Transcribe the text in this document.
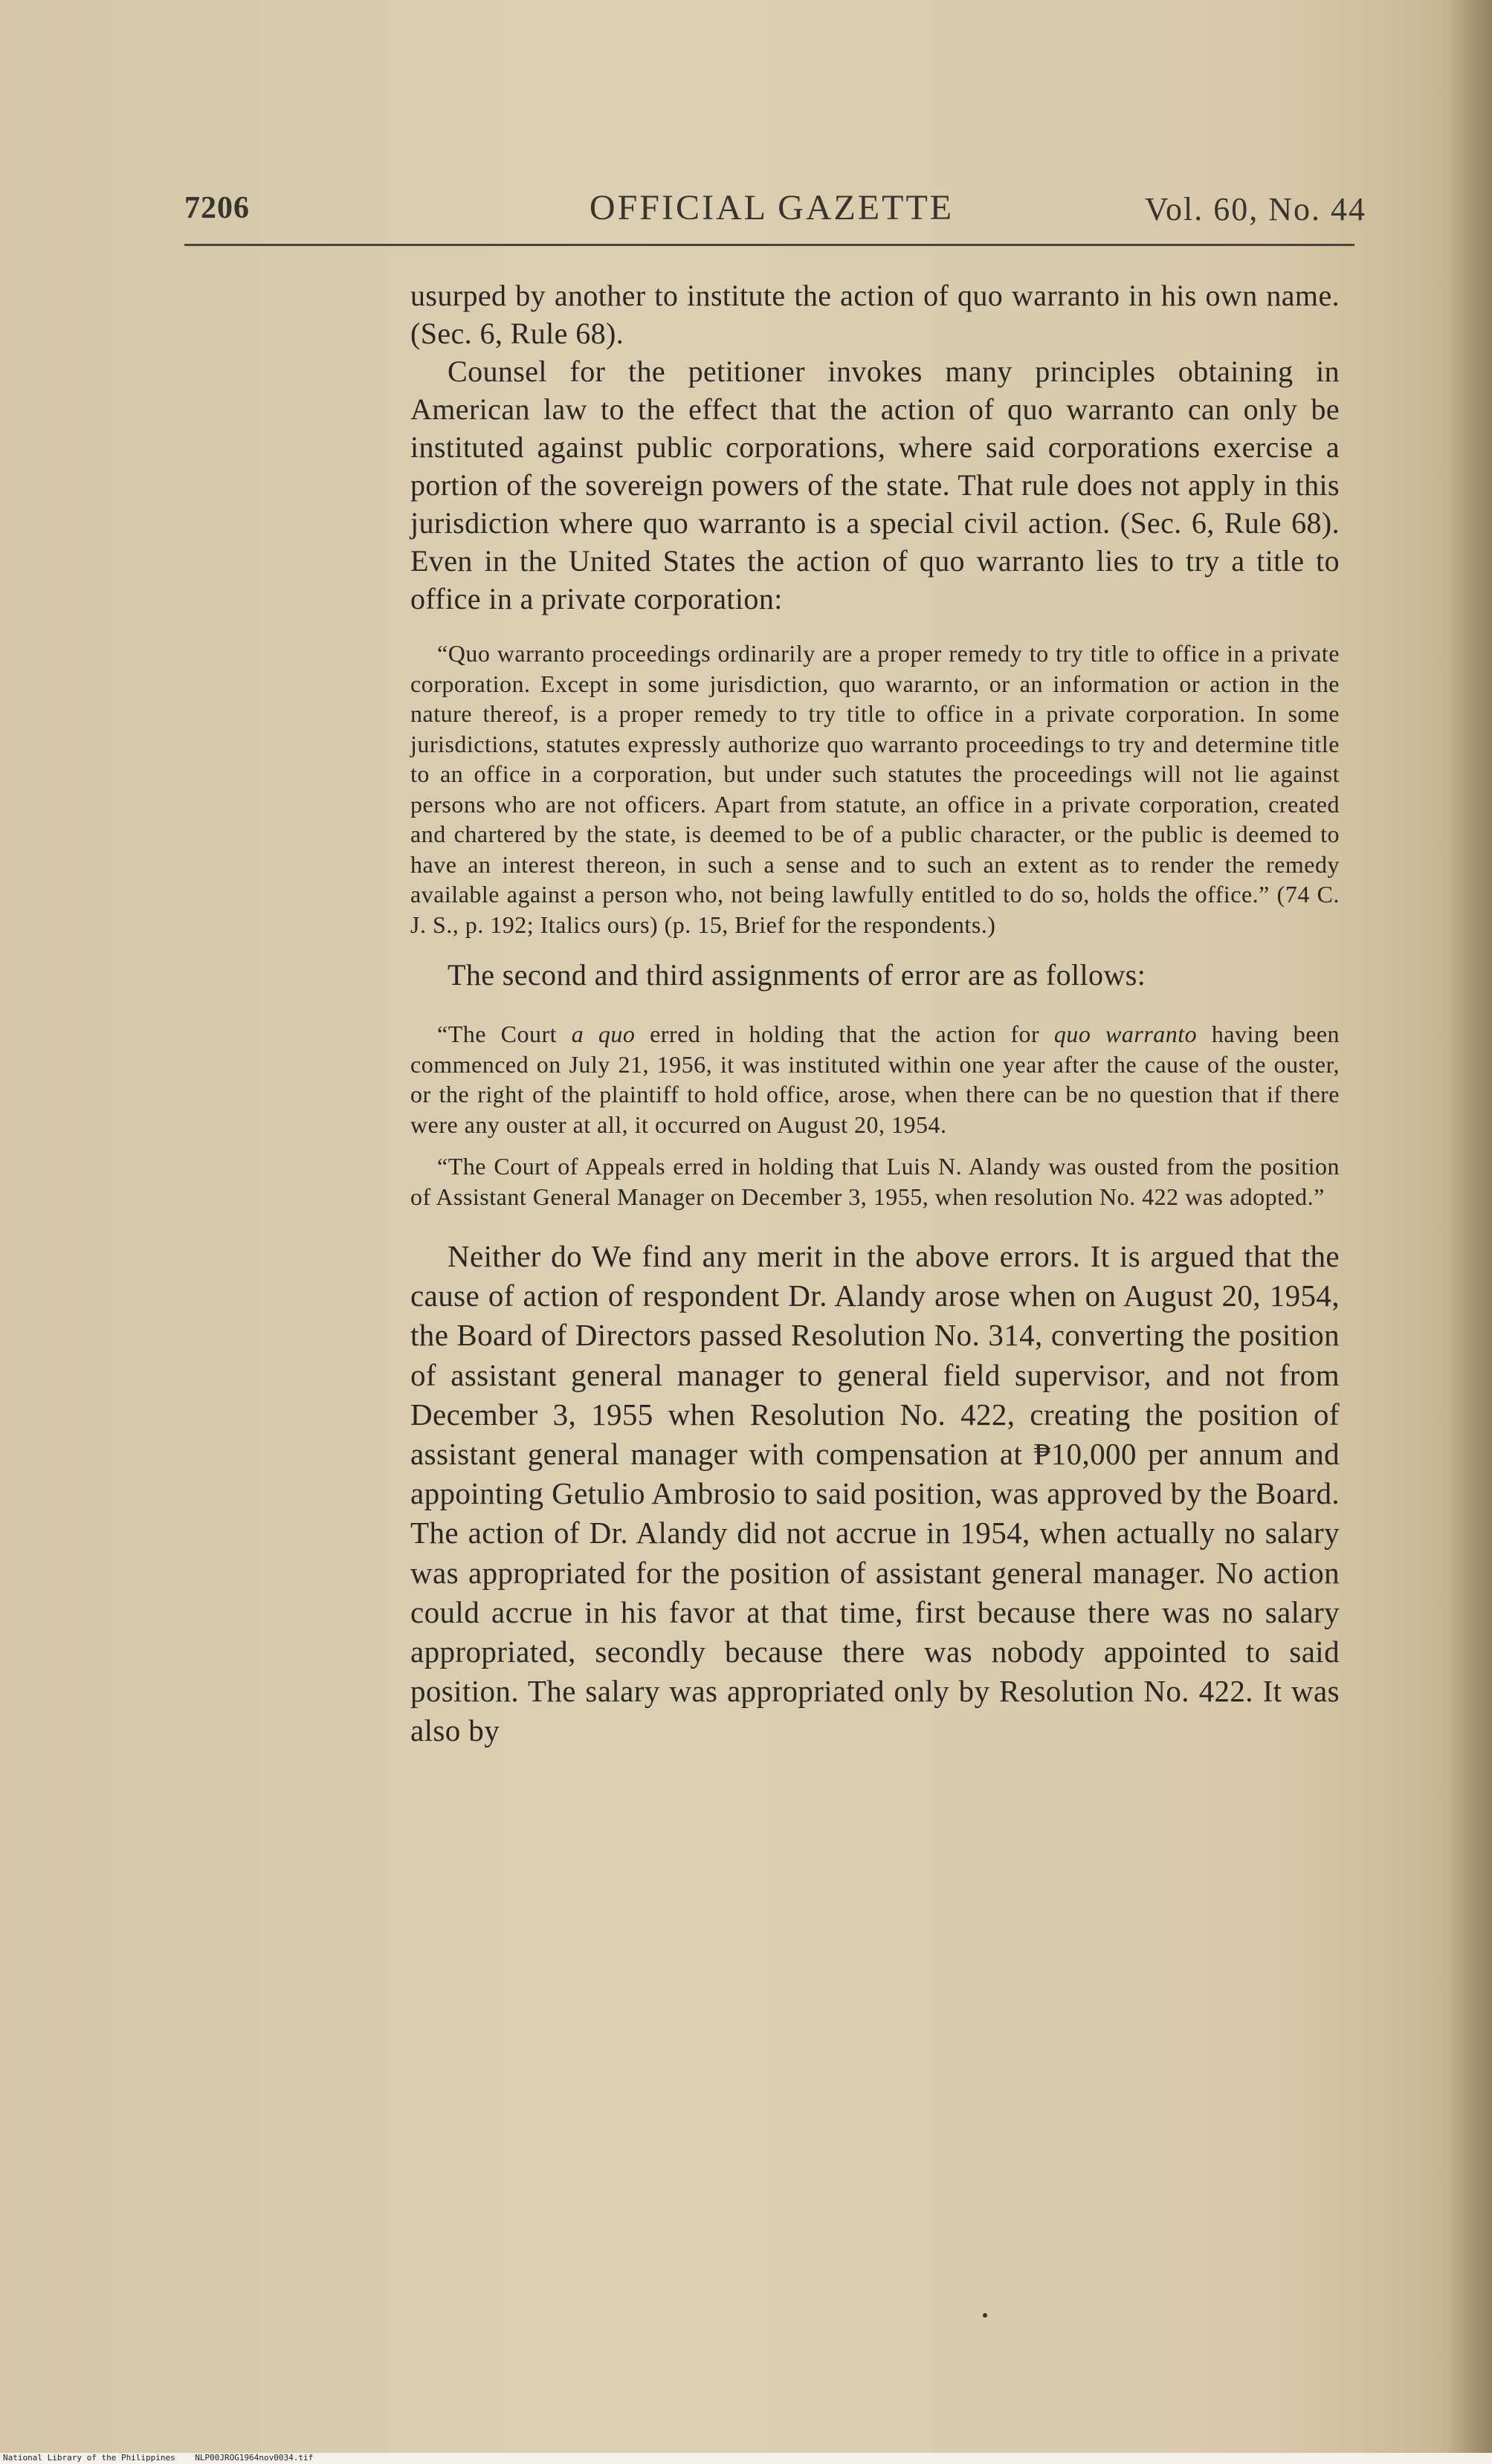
7206	OFFICIAL GAZETTE	Vol. 60, No. 44

usurped by another to institute the action of quo warranto in his own name. (Sec. 6, Rule 68).

Counsel for the petitioner invokes many principles obtaining in American law to the effect that the action of quo warranto can only be instituted against public corporations, where said corporations exercise a portion of the sovereign powers of the state. That rule does not apply in this jurisdiction where quo warranto is a special civil action. (Sec. 6, Rule 68). Even in the United States the action of quo warranto lies to try a title to office in a private corporation:

“Quo warranto proceedings ordinarily are a proper remedy to try title to office in a private corporation. Except in some jurisdiction, quo wararnto, or an information or action in the nature thereof, is a proper remedy to try title to office in a private corporation. In some jurisdictions, statutes expressly authorize quo warranto proceedings to try and determine title to an office in a corporation, but under such statutes the proceedings will not lie against persons who are not officers. Apart from statute, an office in a private corporation, created and chartered by the state, is deemed to be of a public character, or the public is deemed to have an interest thereon, in such a sense and to such an extent as to render the remedy available against a person who, not being lawfully entitled to do so, holds the office.” (74 C. J. S., p. 192; Italics ours) (p. 15, Brief for the respondents.)

The second and third assignments of error are as follows:

“The Court a quo erred in holding that the action for quo warranto having been commenced on July 21, 1956, it was instituted within one year after the cause of the ouster, or the right of the plaintiff to hold office, arose, when there can be no question that if there were any ouster at all, it occurred on August 20, 1954.

“The Court of Appeals erred in holding that Luis N. Alandy was ousted from the position of Assistant General Manager on December 3, 1955, when resolution No. 422 was adopted.”

Neither do We find any merit in the above errors. It is argued that the cause of action of respondent Dr. Alandy arose when on August 20, 1954, the Board of Directors passed Resolution No. 314, converting the position of assistant general manager to general field supervisor, and not from December 3, 1955 when Resolution No. 422, creating the position of assistant general manager with compensation at ₱10,000 per annum and appointing Getulio Ambrosio to said position, was approved by the Board. The action of Dr. Alandy did not accrue in 1954, when actually no salary was appropriated for the position of assistant general manager. No action could accrue in his favor at that time, first because there was no salary appropriated, secondly because there was nobody appointed to said position. The salary was appropriated only by Resolution No. 422. It was also by

National Library of the Philippines NLP00JROG1964nov0034.tif
